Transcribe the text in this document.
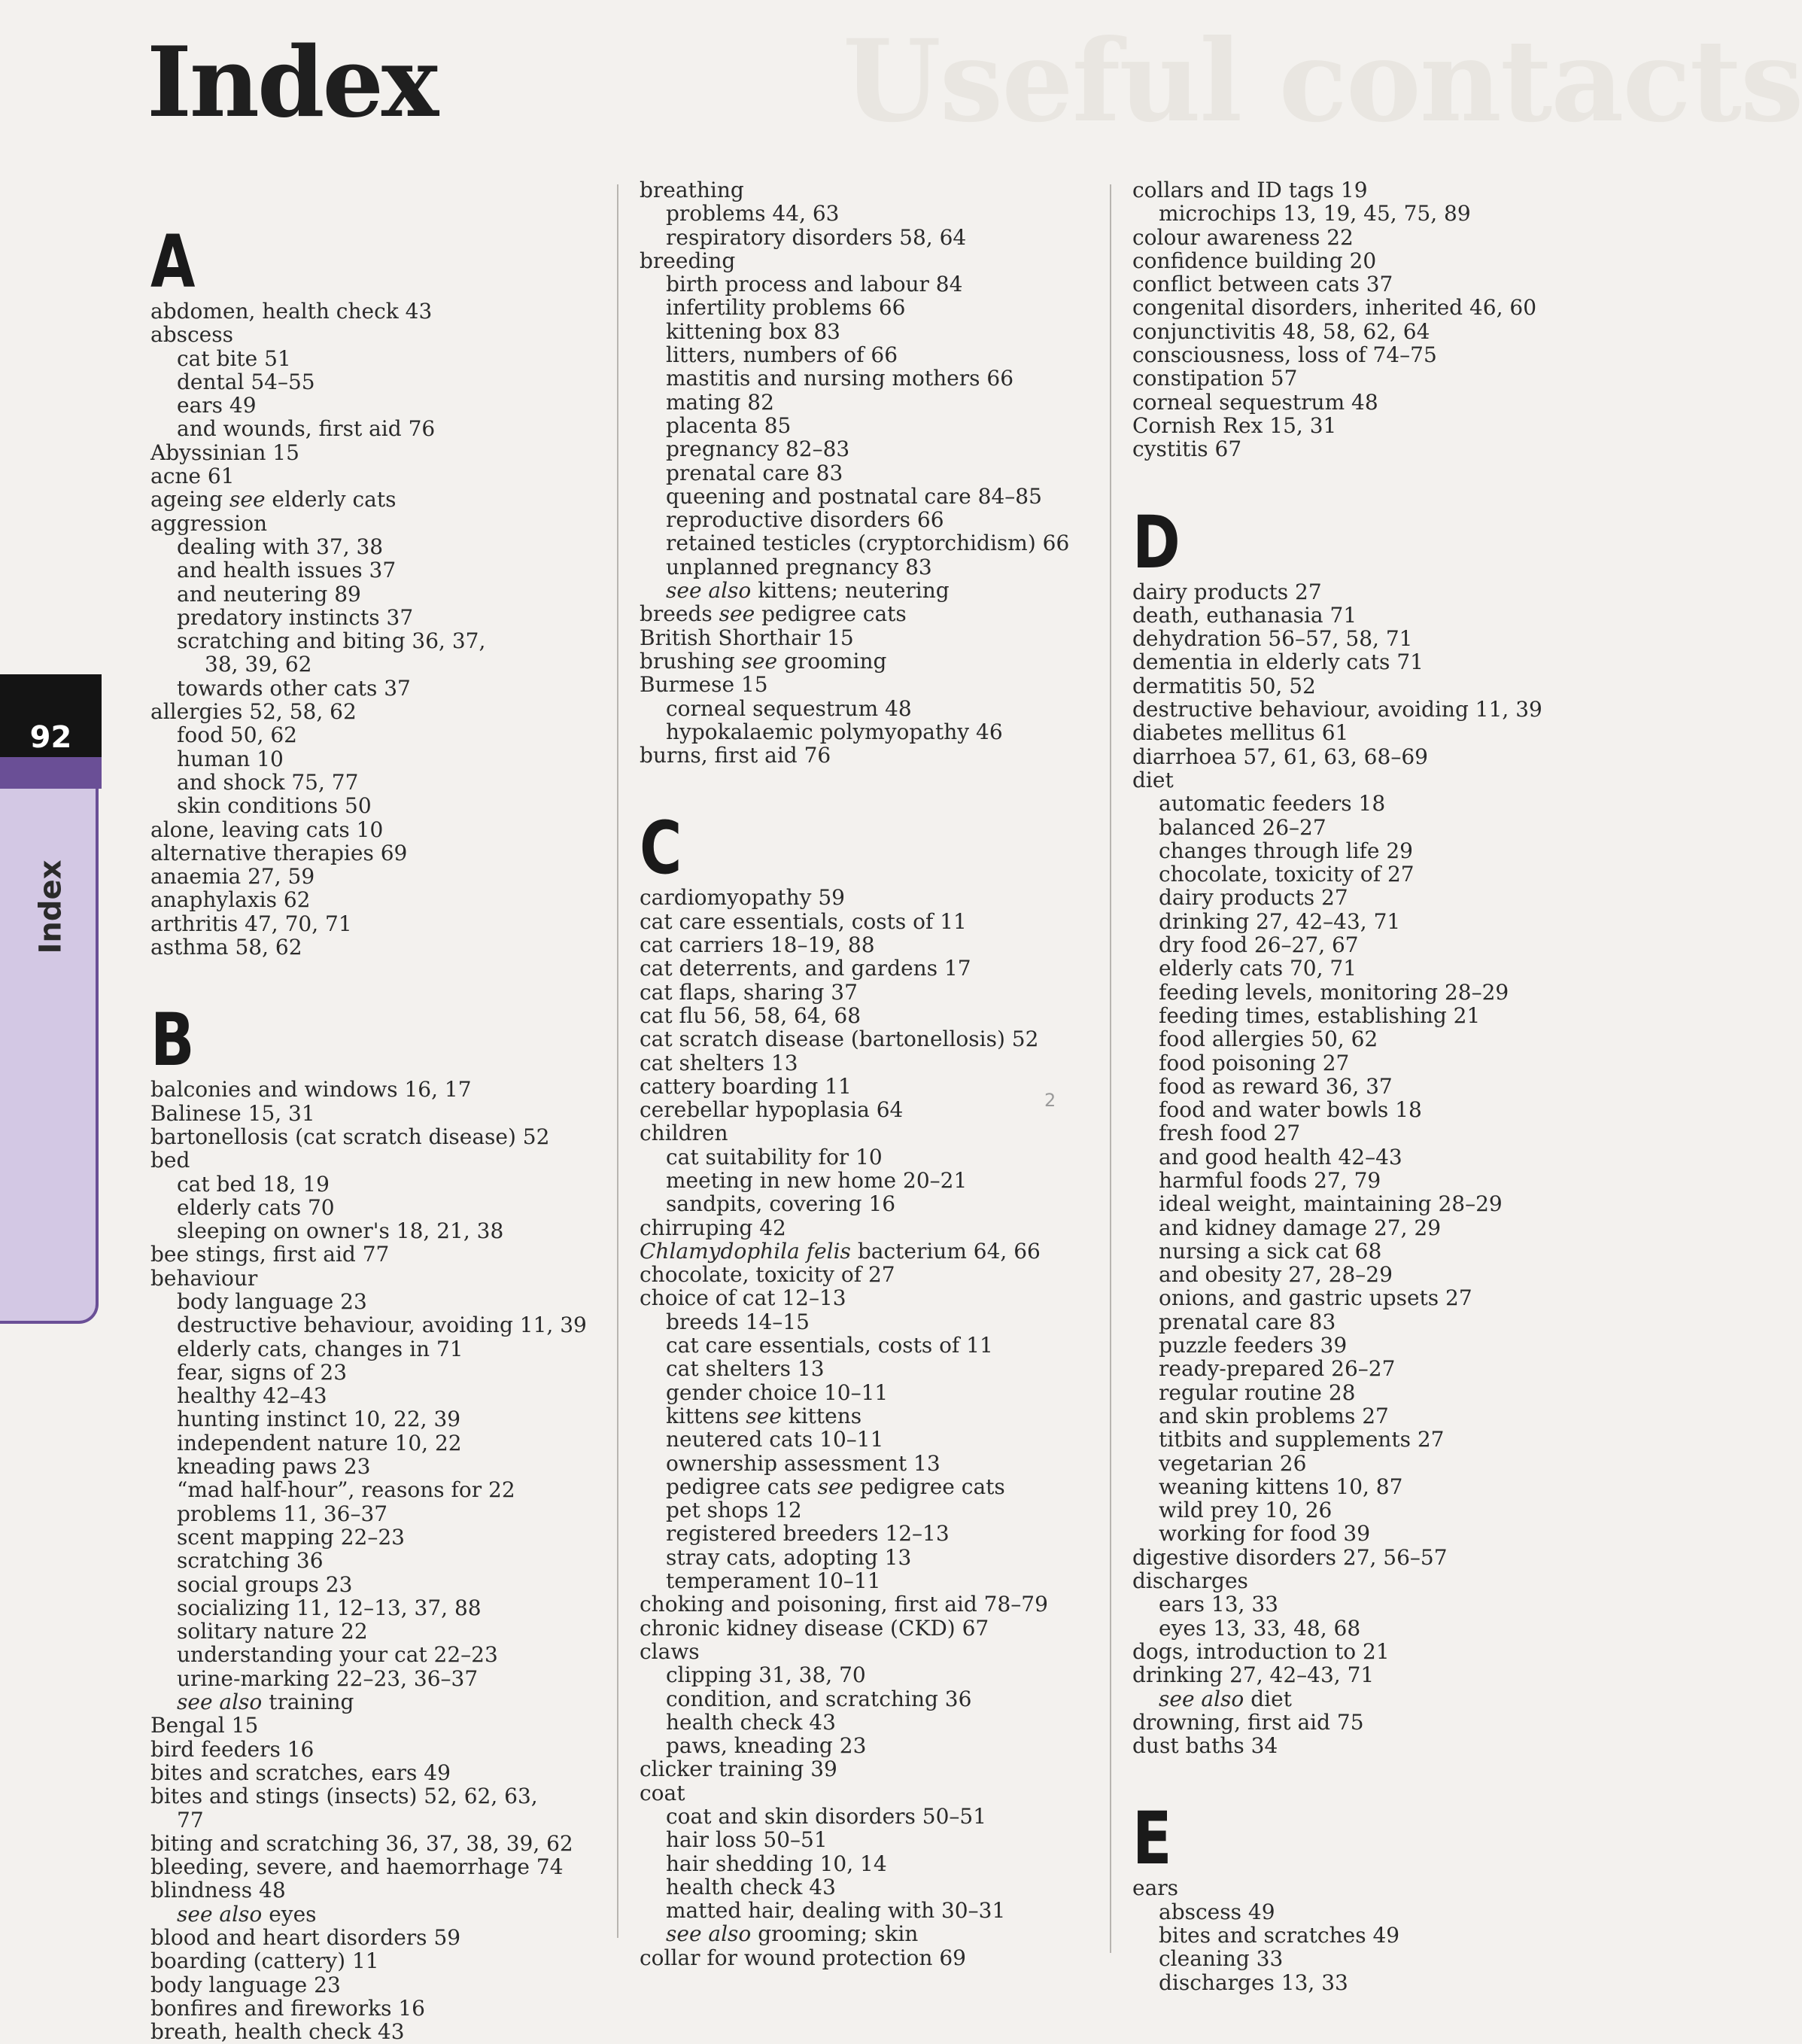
Useful contacts
Index
92
Index
A
abdomen, health check 43
abscess
cat bite 51
dental 54–55
ears 49
and wounds, first aid 76
Abyssinian 15
acne 61
ageing see elderly cats
aggression
dealing with 37, 38
and health issues 37
and neutering 89
predatory instincts 37
scratching and biting 36, 37,
38, 39, 62
towards other cats 37
allergies 52, 58, 62
food 50, 62
human 10
and shock 75, 77
skin conditions 50
alone, leaving cats 10
alternative therapies 69
anaemia 27, 59
anaphylaxis 62
arthritis 47, 70, 71
asthma 58, 62
B
balconies and windows 16, 17
Balinese 15, 31
bartonellosis (cat scratch disease) 52
bed
cat bed 18, 19
elderly cats 70
sleeping on owner's 18, 21, 38
bee stings, first aid 77
behaviour
body language 23
destructive behaviour, avoiding 11, 39
elderly cats, changes in 71
fear, signs of 23
healthy 42–43
hunting instinct 10, 22, 39
independent nature 10, 22
kneading paws 23
“mad half-hour”, reasons for 22
problems 11, 36–37
scent mapping 22–23
scratching 36
social groups 23
socializing 11, 12–13, 37, 88
solitary nature 22
understanding your cat 22–23
urine-marking 22–23, 36–37
see also training
Bengal 15
bird feeders 16
bites and scratches, ears 49
bites and stings (insects) 52, 62, 63,
77
biting and scratching 36, 37, 38, 39, 62
bleeding, severe, and haemorrhage 74
blindness 48
see also eyes
blood and heart disorders 59
boarding (cattery) 11
body language 23
bonfires and fireworks 16
breath, health check 43
breathing
problems 44, 63
respiratory disorders 58, 64
breeding
birth process and labour 84
infertility problems 66
kittening box 83
litters, numbers of 66
mastitis and nursing mothers 66
mating 82
placenta 85
pregnancy 82–83
prenatal care 83
queening and postnatal care 84–85
reproductive disorders 66
retained testicles (cryptorchidism) 66
unplanned pregnancy 83
see also kittens; neutering
breeds see pedigree cats
British Shorthair 15
brushing see grooming
Burmese 15
corneal sequestrum 48
hypokalaemic polymyopathy 46
burns, first aid 76
C
cardiomyopathy 59
cat care essentials, costs of 11
cat carriers 18–19, 88
cat deterrents, and gardens 17
cat flaps, sharing 37
cat flu 56, 58, 64, 68
cat scratch disease (bartonellosis) 52
cat shelters 13
cattery boarding 11
cerebellar hypoplasia 64
children
cat suitability for 10
meeting in new home 20–21
sandpits, covering 16
chirruping 42
Chlamydophila felis bacterium 64, 66
chocolate, toxicity of 27
choice of cat 12–13
breeds 14–15
cat care essentials, costs of 11
cat shelters 13
gender choice 10–11
kittens see kittens
neutered cats 10–11
ownership assessment 13
pedigree cats see pedigree cats
pet shops 12
registered breeders 12–13
stray cats, adopting 13
temperament 10–11
choking and poisoning, first aid 78–79
chronic kidney disease (CKD) 67
claws
clipping 31, 38, 70
condition, and scratching 36
health check 43
paws, kneading 23
clicker training 39
coat
coat and skin disorders 50–51
hair loss 50–51
hair shedding 10, 14
health check 43
matted hair, dealing with 30–31
see also grooming; skin
collar for wound protection 69
collars and ID tags 19
microchips 13, 19, 45, 75, 89
colour awareness 22
confidence building 20
conflict between cats 37
congenital disorders, inherited 46, 60
conjunctivitis 48, 58, 62, 64
consciousness, loss of 74–75
constipation 57
corneal sequestrum 48
Cornish Rex 15, 31
cystitis 67
D
dairy products 27
death, euthanasia 71
dehydration 56–57, 58, 71
dementia in elderly cats 71
dermatitis 50, 52
destructive behaviour, avoiding 11, 39
diabetes mellitus 61
diarrhoea 57, 61, 63, 68–69
diet
automatic feeders 18
balanced 26–27
changes through life 29
chocolate, toxicity of 27
dairy products 27
drinking 27, 42–43, 71
dry food 26–27, 67
elderly cats 70, 71
feeding levels, monitoring 28–29
feeding times, establishing 21
food allergies 50, 62
food poisoning 27
food as reward 36, 37
food and water bowls 18
fresh food 27
and good health 42–43
harmful foods 27, 79
ideal weight, maintaining 28–29
and kidney damage 27, 29
nursing a sick cat 68
and obesity 27, 28–29
onions, and gastric upsets 27
prenatal care 83
puzzle feeders 39
ready-prepared 26–27
regular routine 28
and skin problems 27
titbits and supplements 27
vegetarian 26
weaning kittens 10, 87
wild prey 10, 26
working for food 39
digestive disorders 27, 56–57
discharges
ears 13, 33
eyes 13, 33, 48, 68
dogs, introduction to 21
drinking 27, 42–43, 71
see also diet
drowning, first aid 75
dust baths 34
E
ears
abscess 49
bites and scratches 49
cleaning 33
discharges 13, 33
2
